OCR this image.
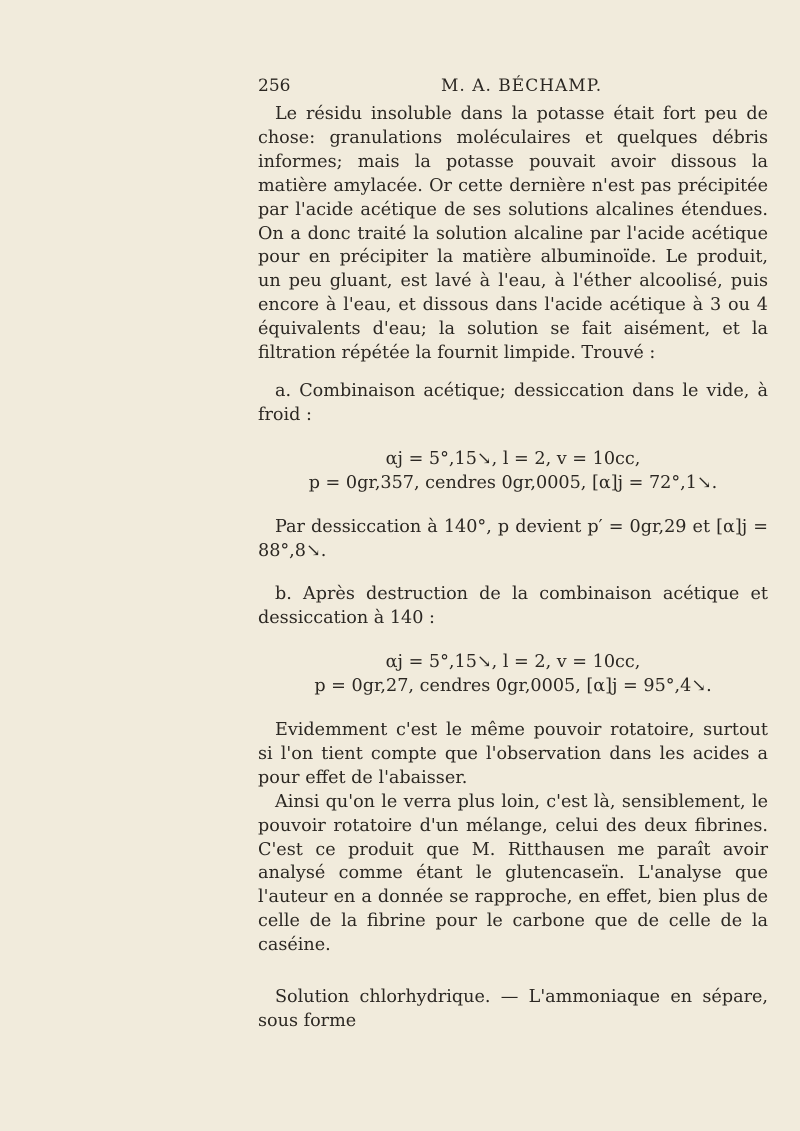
256	M. A. BÉCHAMP.

Le résidu insoluble dans la potasse était fort peu de chose: granulations moléculaires et quelques débris informes; mais la potasse pouvait avoir dissous la matière amylacée. Or cette dernière n'est pas précipitée par l'acide acétique de ses solutions alcalines étendues. On a donc traité la solution alcaline par l'acide acétique pour en précipiter la matière albuminoïde. Le produit, un peu gluant, est lavé à l'eau, à l'éther alcoolisé, puis encore à l'eau, et dissous dans l'acide acétique à 3 ou 4 équivalents d'eau; la solution se fait aisément, et la filtration répétée la fournit limpide. Trouvé :

a. Combinaison acétique; dessiccation dans le vide, à froid :

αj = 5°,15↘, l = 2, v = 10cc,

p = 0gr,357, cendres 0gr,0005, [α]j = 72°,1↘.

Par dessiccation à 140°, p devient p′ = 0gr,29 et [α]j = 88°,8↘.

b. Après destruction de la combinaison acétique et dessiccation à 140 :

αj = 5°,15↘, l = 2, v = 10cc,

p = 0gr,27, cendres 0gr,0005, [α]j = 95°,4↘.

Evidemment c'est le même pouvoir rotatoire, surtout si l'on tient compte que l'observation dans les acides a pour effet de l'abaisser.

Ainsi qu'on le verra plus loin, c'est là, sensiblement, le pouvoir rotatoire d'un mélange, celui des deux fibrines. C'est ce produit que M. Ritthausen me paraît avoir analysé comme étant le glutencaseïn. L'analyse que l'auteur en a donnée se rapproche, en effet, bien plus de celle de la fibrine pour le carbone que de celle de la caséine.

Solution chlorhydrique. — L'ammoniaque en sépare, sous forme
